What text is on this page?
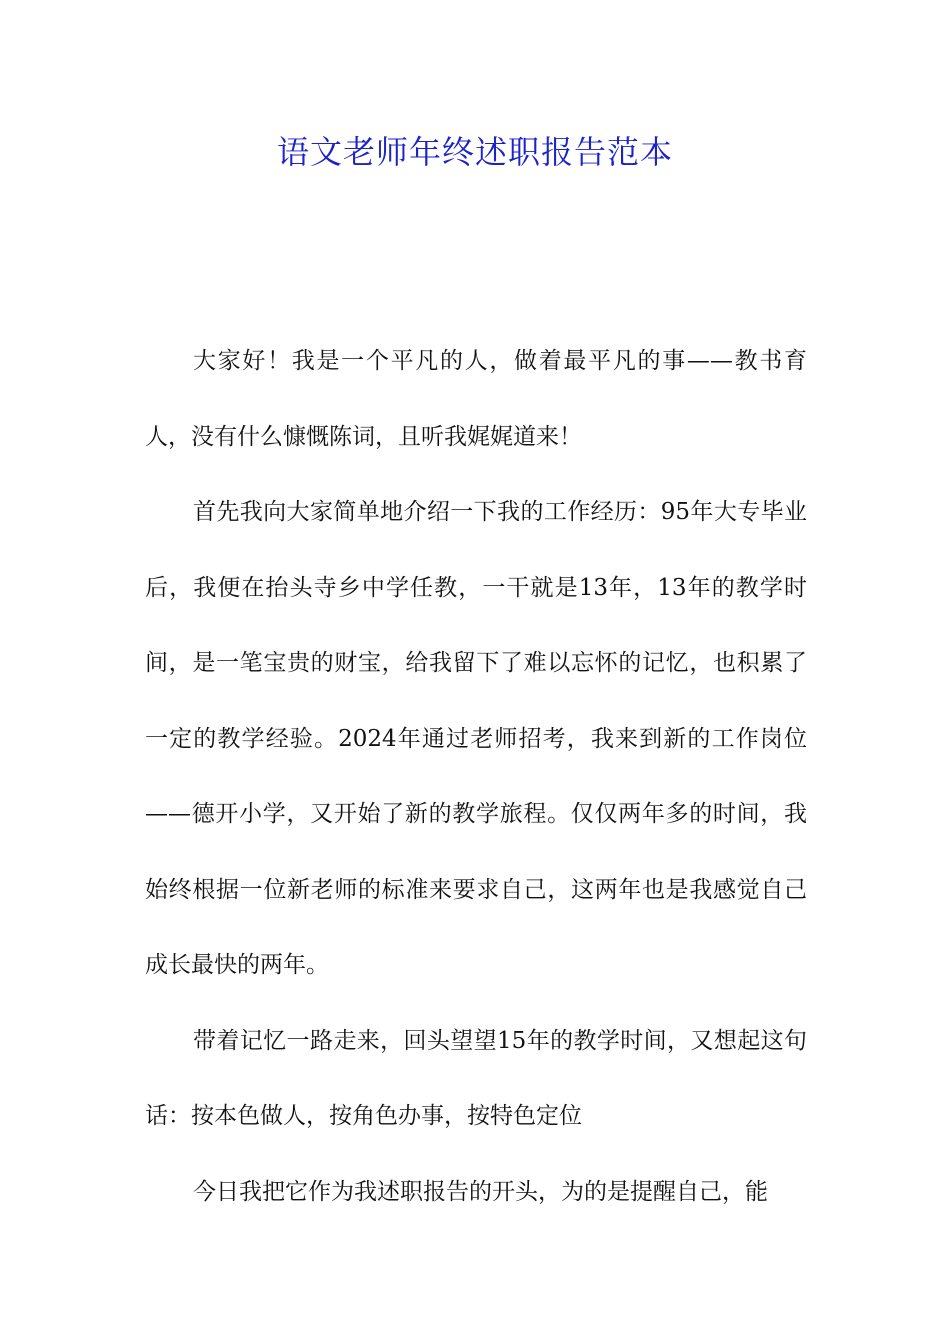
语文老师年终述职报告范本

大家好！我是一个平凡的人，做着最平凡的事——教书育人，没有什么慷慨陈词，且听我娓娓道来！

首先我向大家简单地介绍一下我的工作经历：95年大专毕业后，我便在抬头寺乡中学任教，一干就是13年，13年的教学时间，是一笔宝贵的财宝，给我留下了难以忘怀的记忆，也积累了一定的教学经验。2024年通过老师招考，我来到新的工作岗位——德开小学，又开始了新的教学旅程。仅仅两年多的时间，我始终根据一位新老师的标准来要求自己，这两年也是我感觉自己成长最快的两年。

带着记忆一路走来，回头望望15年的教学时间，又想起这句话：按本色做人，按角色办事，按特色定位

今日我把它作为我述职报告的开头，为的是提醒自己，能
